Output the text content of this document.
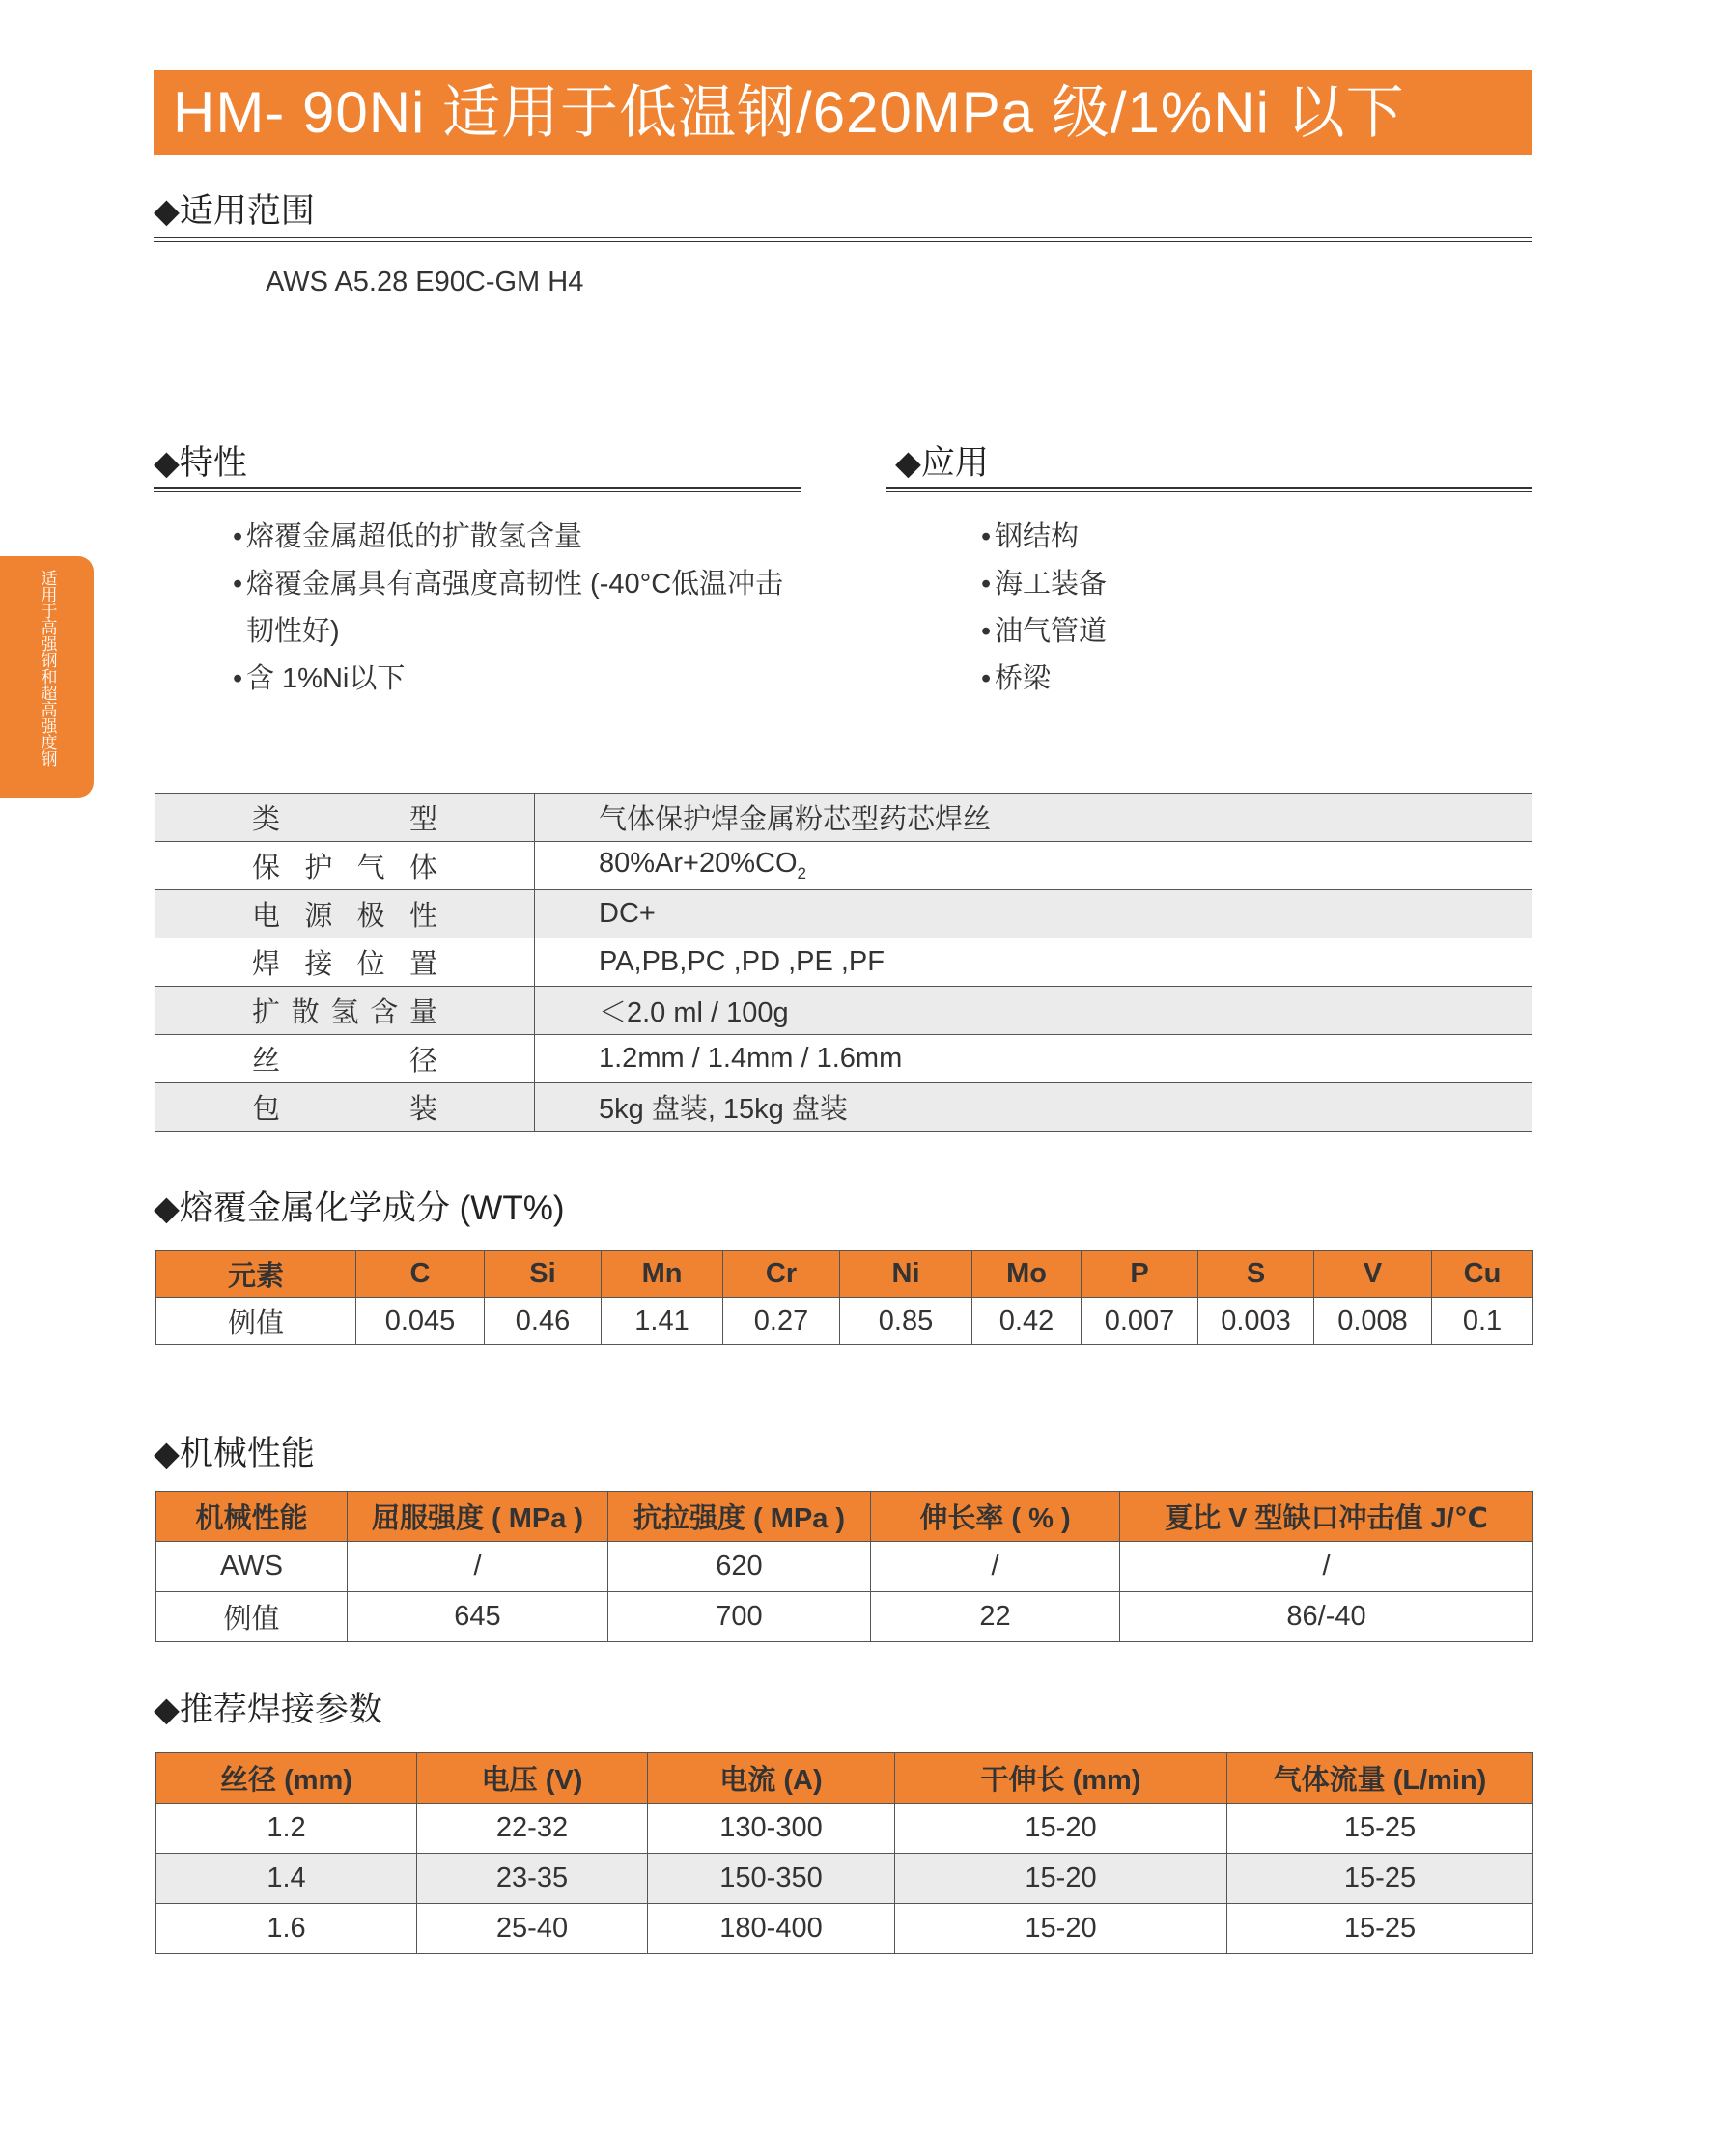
HM- 90Ni 适用于低温钢/620MPa 级/1%Ni 以下
适用于高强钢和超高强度钢
◆适用范围
AWS A5.28 E90C-GM H4
◆特性
• 熔覆金属超低的扩散氢含量
• 熔覆金属具有高强度高韧性 (-40°C低温冲击韧性好)
• 含 1%Ni以下
◆应用
• 钢结构
• 海工装备
• 油气管道
• 桥梁
类型	气体保护焊金属粉芯型药芯焊丝
保护气体	$80\%Ar+20\%CO_2$
电源极性	DC+
焊接位置	PA,PB,PC ,PD ,PE ,PF
扩散氢含量	＜2.0 ml / 100g
丝径	1.2mm / 1.4mm / 1.6mm
包装	5kg 盘装, 15kg 盘装
◆熔覆金属化学成分 (WT%)
元素	C	Si	Mn	Cr	Ni	Mo	P	S	V	Cu
例值	0.045	0.46	1.41	0.27	0.85	0.42	0.007	0.003	0.008	0.1
◆机械性能
机械性能	屈服强度 ( MPa )	抗拉强度 ( MPa )	伸长率 ( % )	夏比 V 型缺口冲击值 J/℃
AWS	/	620	/	/
例值	645	700	22	86/-40
◆推荐焊接参数
丝径 (mm)	电压 (V)	电流 (A)	干伸长 (mm)	气体流量 (L/min)
1.2	22-32	130-300	15-20	15-25
1.4	23-35	150-350	15-20	15-25
1.6	25-40	180-400	15-20	15-25
